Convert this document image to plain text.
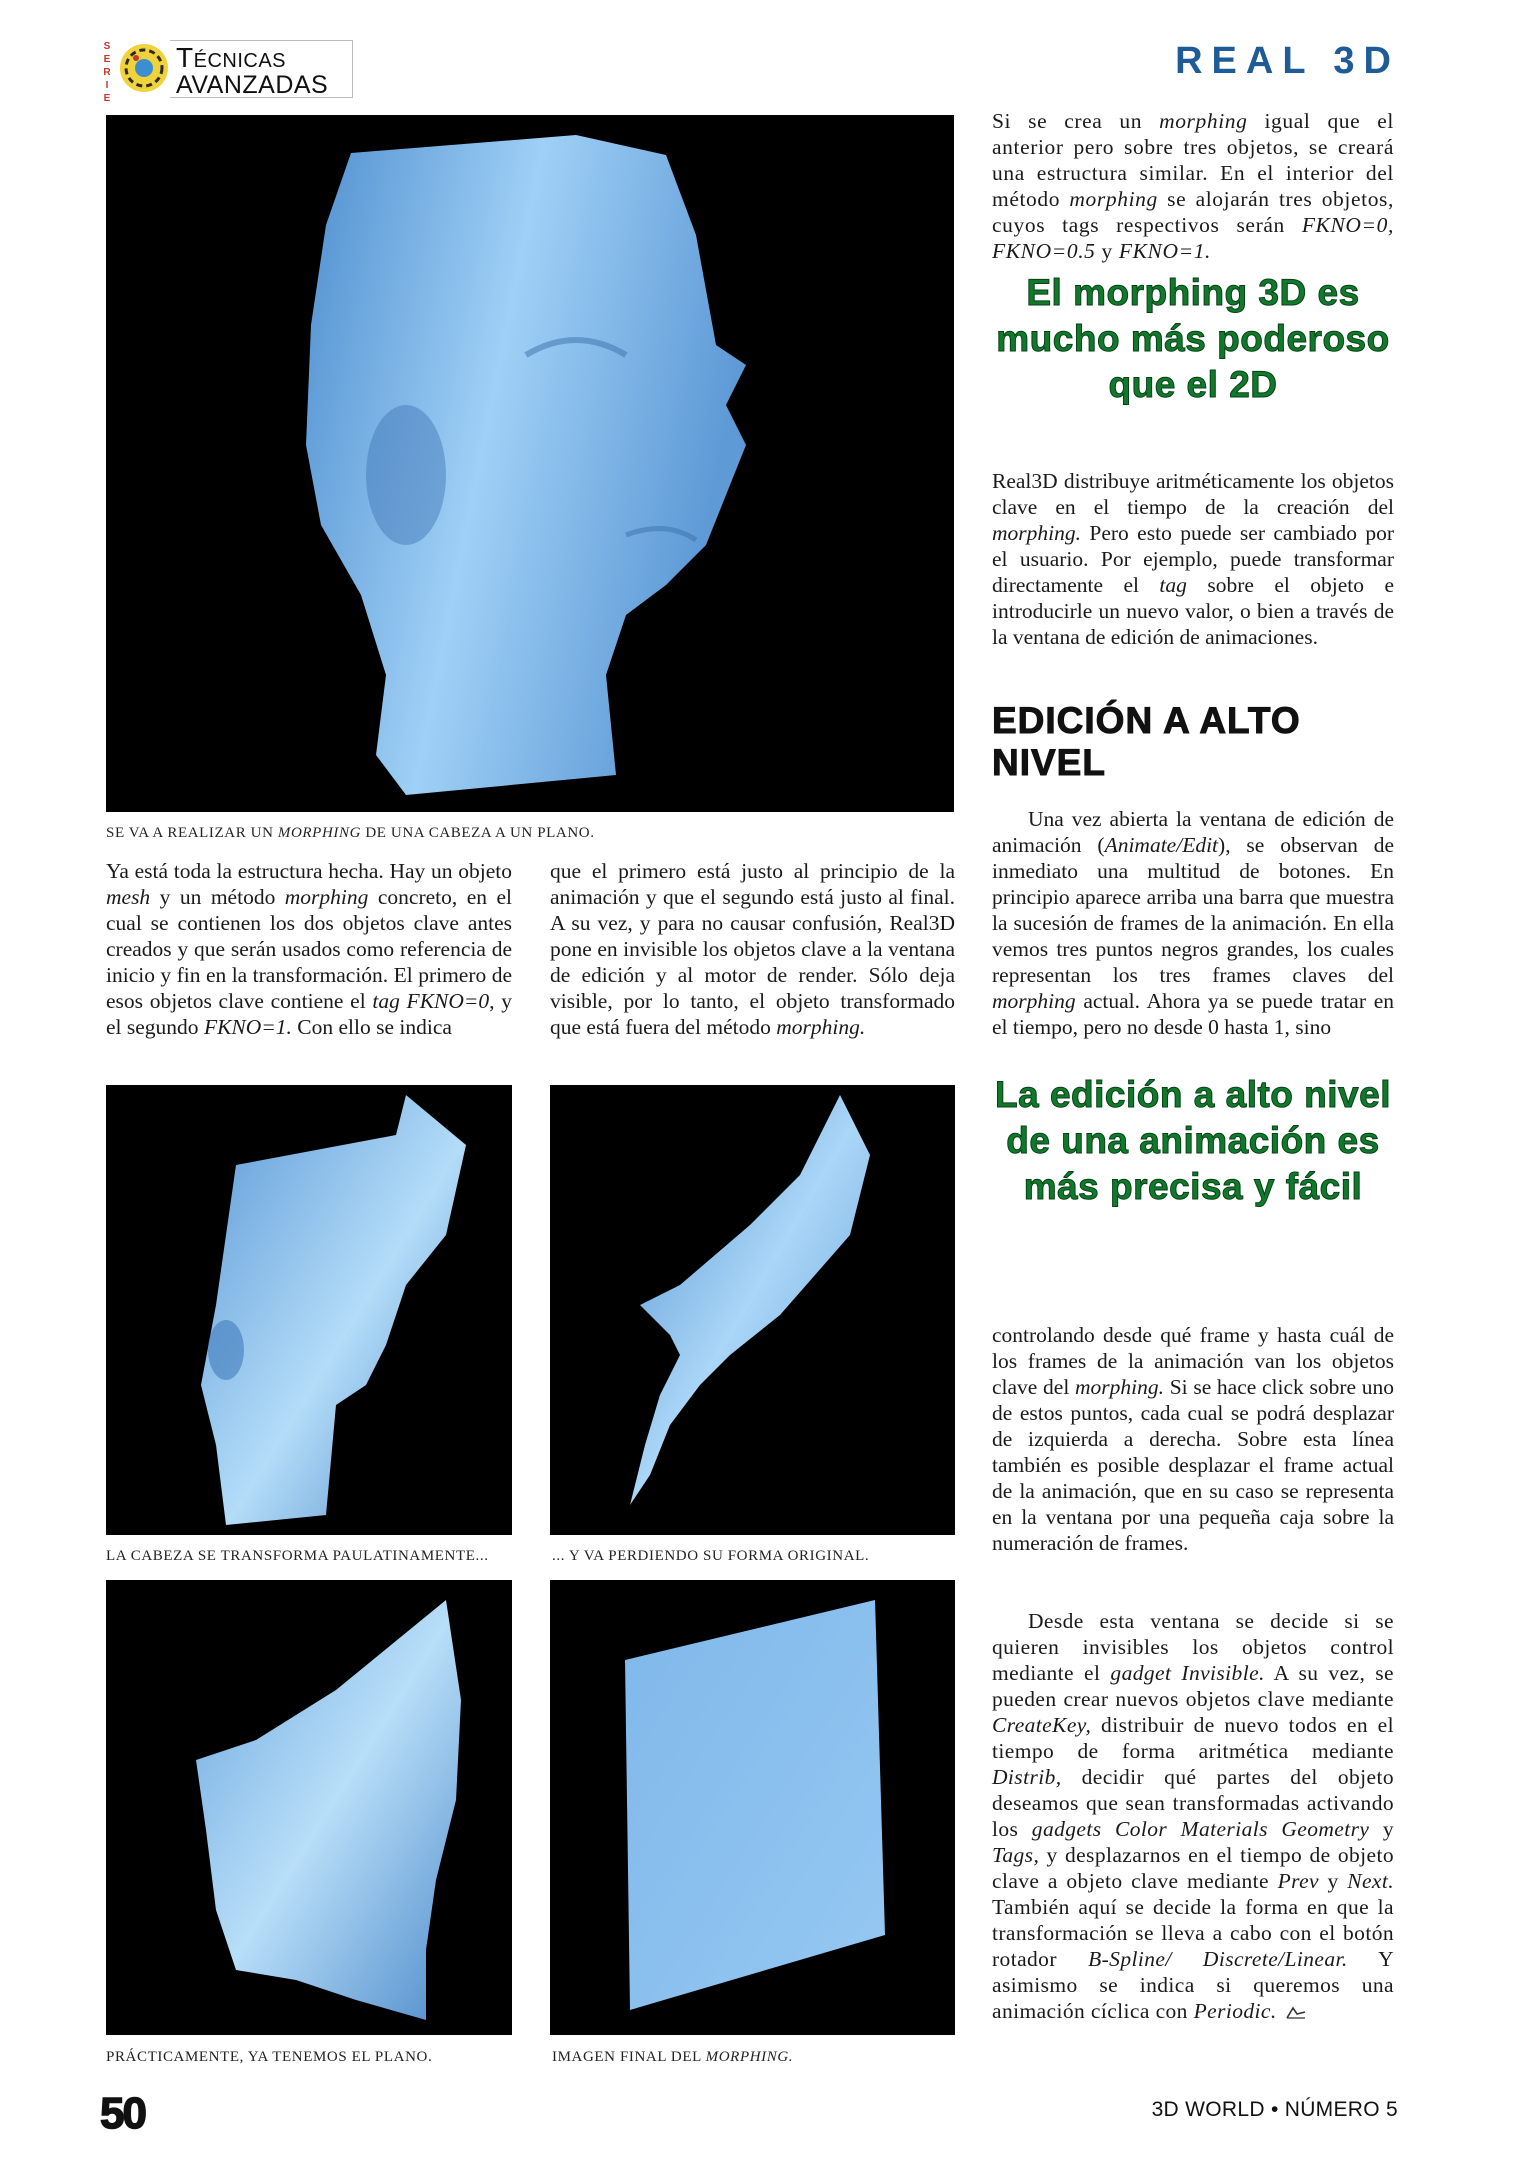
SERIE
Técnicas
AVANZADAS
REAL 3D
SE VA A REALIZAR UN MORPHING DE UNA CABEZA A UN PLANO.

Ya está toda la estructura hecha. Hay un objeto mesh y un método morphing concreto, en el cual se contienen los dos objetos clave antes creados y que serán usados como referencia de inicio y fin en la transformación. El primero de esos objetos clave contiene el tag FKNO=0, y el segundo FKNO=1. Con ello se indica

que el primero está justo al principio de la animación y que el segundo está justo al final. A su vez, y para no causar confusión, Real3D pone en invisible los objetos clave a la ventana de edición y al motor de render. Sólo deja visible, por lo tanto, el objeto transformado que está fuera del método morphing.

LA CABEZA SE TRANSFORMA PAULATINAMENTE...	... Y VA PERDIENDO SU FORMA ORIGINAL.
PRÁCTICAMENTE, YA TENEMOS EL PLANO.	IMAGEN FINAL DEL MORPHING.

Si se crea un morphing igual que el anterior pero sobre tres objetos, se creará una estructura similar. En el interior del método morphing se alojarán tres objetos, cuyos tags respectivos serán FKNO=0, FKNO=0.5 y FKNO=1.

El morphing 3D es mucho más poderoso que el 2D

Real3D distribuye aritméticamente los objetos clave en el tiempo de la creación del morphing. Pero esto puede ser cambiado por el usuario. Por ejemplo, puede transformar directamente el tag sobre el objeto e introducirle un nuevo valor, o bien a través de la ventana de edición de animaciones.

EDICIÓN A ALTO NIVEL

Una vez abierta la ventana de edición de animación (Animate/Edit), se observan de inmediato una multitud de botones. En principio aparece arriba una barra que muestra la sucesión de frames de la animación. En ella vemos tres puntos negros grandes, los cuales representan los tres frames claves del morphing actual. Ahora ya se puede tratar en el tiempo, pero no desde 0 hasta 1, sino

La edición a alto nivel de una animación es más precisa y fácil

controlando desde qué frame y hasta cuál de los frames de la animación van los objetos clave del morphing. Si se hace click sobre uno de estos puntos, cada cual se podrá desplazar de izquierda a derecha. Sobre esta línea también es posible desplazar el frame actual de la animación, que en su caso se representa en la ventana por una pequeña caja sobre la numeración de frames.

Desde esta ventana se decide si se quieren invisibles los objetos control mediante el gadget Invisible. A su vez, se pueden crear nuevos objetos clave mediante CreateKey, distribuir de nuevo todos en el tiempo de forma aritmética mediante Distrib, decidir qué partes del objeto deseamos que sean transformadas activando los gadgets Color Materials Geometry y Tags, y desplazarnos en el tiempo de objeto clave a objeto clave mediante Prev y Next. También aquí se decide la forma en que la transformación se lleva a cabo con el botón rotador B-Spline/ Discrete/Linear. Y asimismo se indica si queremos una animación cíclica con Periodic.

50	3D WORLD • NÚMERO 5
